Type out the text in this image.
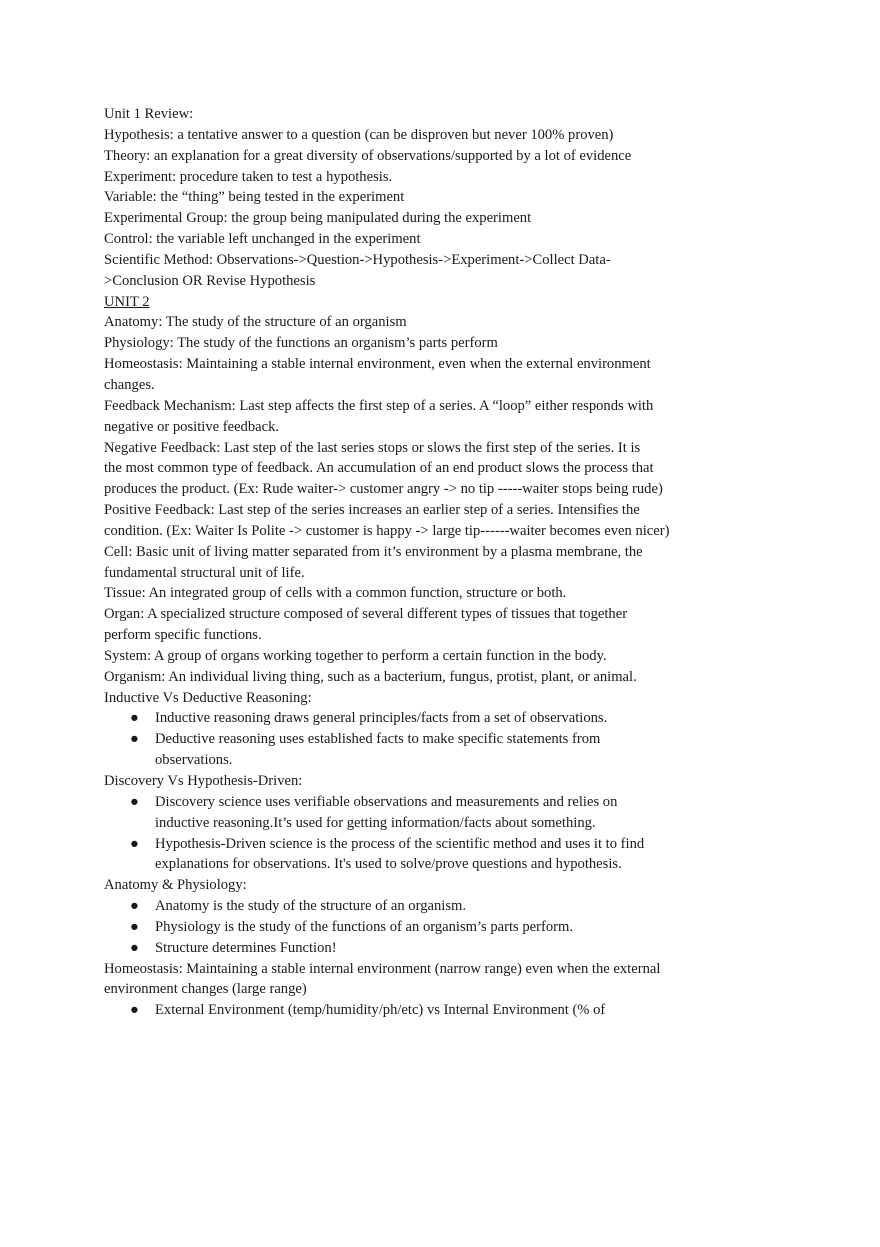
Unit 1 Review:
Hypothesis: a tentative answer to a question (can be disproven but never 100% proven)
Theory: an explanation for a great diversity of observations/supported by a lot of evidence
Experiment: procedure taken to test a hypothesis.
Variable: the “thing” being tested in the experiment
Experimental Group: the group being manipulated during the experiment
Control: the variable left unchanged in the experiment
Scientific Method: Observations->Question->Hypothesis->Experiment->Collect Data-
>Conclusion OR Revise Hypothesis
UNIT 2
Anatomy: The study of the structure of an organism
Physiology: The study of the functions an organism’s parts perform
Homeostasis: Maintaining a stable internal environment, even when the external environment
changes.
Feedback Mechanism: Last step affects the first step of a series. A “loop” either responds with
negative or positive feedback.
Negative Feedback: Last step of the last series stops or slows the first step of the series. It is
the most common type of feedback. An accumulation of an end product slows the process that
produces the product. (Ex: Rude waiter-> customer angry -> no tip -----waiter stops being rude)
Positive Feedback: Last step of the series increases an earlier step of a series. Intensifies the
condition. (Ex: Waiter Is Polite -> customer is happy -> large tip------waiter becomes even nicer)
Cell: Basic unit of living matter separated from it’s environment by a plasma membrane, the
fundamental structural unit of life.
Tissue: An integrated group of cells with a common function, structure or both.
Organ: A specialized structure composed of several different types of tissues that together
perform specific functions.
System: A group of organs working together to perform a certain function in the body.
Organism: An individual living thing, such as a bacterium, fungus, protist, plant, or animal.
Inductive Vs Deductive Reasoning:
●	Inductive reasoning draws general principles/facts from a set of observations.
●	Deductive reasoning uses established facts to make specific statements from
observations.
Discovery Vs Hypothesis-Driven:
●	Discovery science uses verifiable observations and measurements and relies on
inductive reasoning.It’s used for getting information/facts about something.
●	Hypothesis-Driven science is the process of the scientific method and uses it to find
explanations for observations. It's used to solve/prove questions and hypothesis.
Anatomy & Physiology:
●	Anatomy is the study of the structure of an organism.
●	Physiology is the study of the functions of an organism’s parts perform.
●	Structure determines Function!
Homeostasis: Maintaining a stable internal environment (narrow range) even when the external
environment changes (large range)
●	External Environment (temp/humidity/ph/etc) vs Internal Environment (% of
